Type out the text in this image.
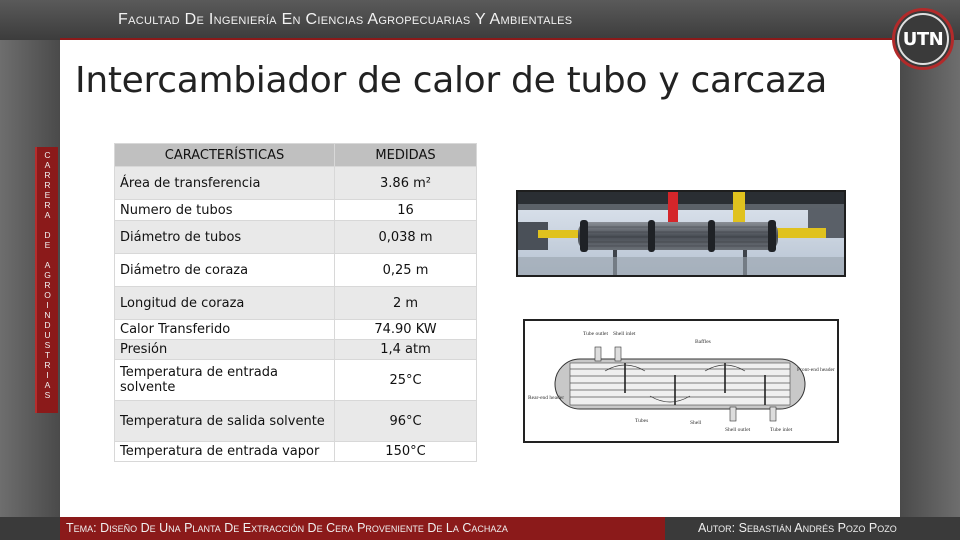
Facultad De Ingeniería En Ciencias Agropecuarias Y Ambientales
UTN
C
A
R
R
E
R
A

D
E

A
G
R
O
I
N
D
U
S
T
R
I
A
S
Intercambiador de calor de tubo y carcaza
CARACTERÍSTICAS	MEDIDAS
Área de transferencia	3.86 m²
Numero de tubos	16
Diámetro de tubos	0,038 m
Diámetro de coraza	0,25 m
Longitud de coraza	2 m
Calor Transferido	74.90 KW
Presión	1,4 atm
Temperatura de entrada solvente	25°C
Temperatura de salida solvente	96°C
Temperatura de entrada vapor	150°C
Tube outlet Shell inlet
Baffles
Front-end header
Rear-end header
Tubes	Shell
Shell outlet	Tube inlet
Tema: Diseño De Una Planta De Extracción De Cera Proveniente De La Cachaza	Autor: Sebastián Andrés Pozo Pozo
